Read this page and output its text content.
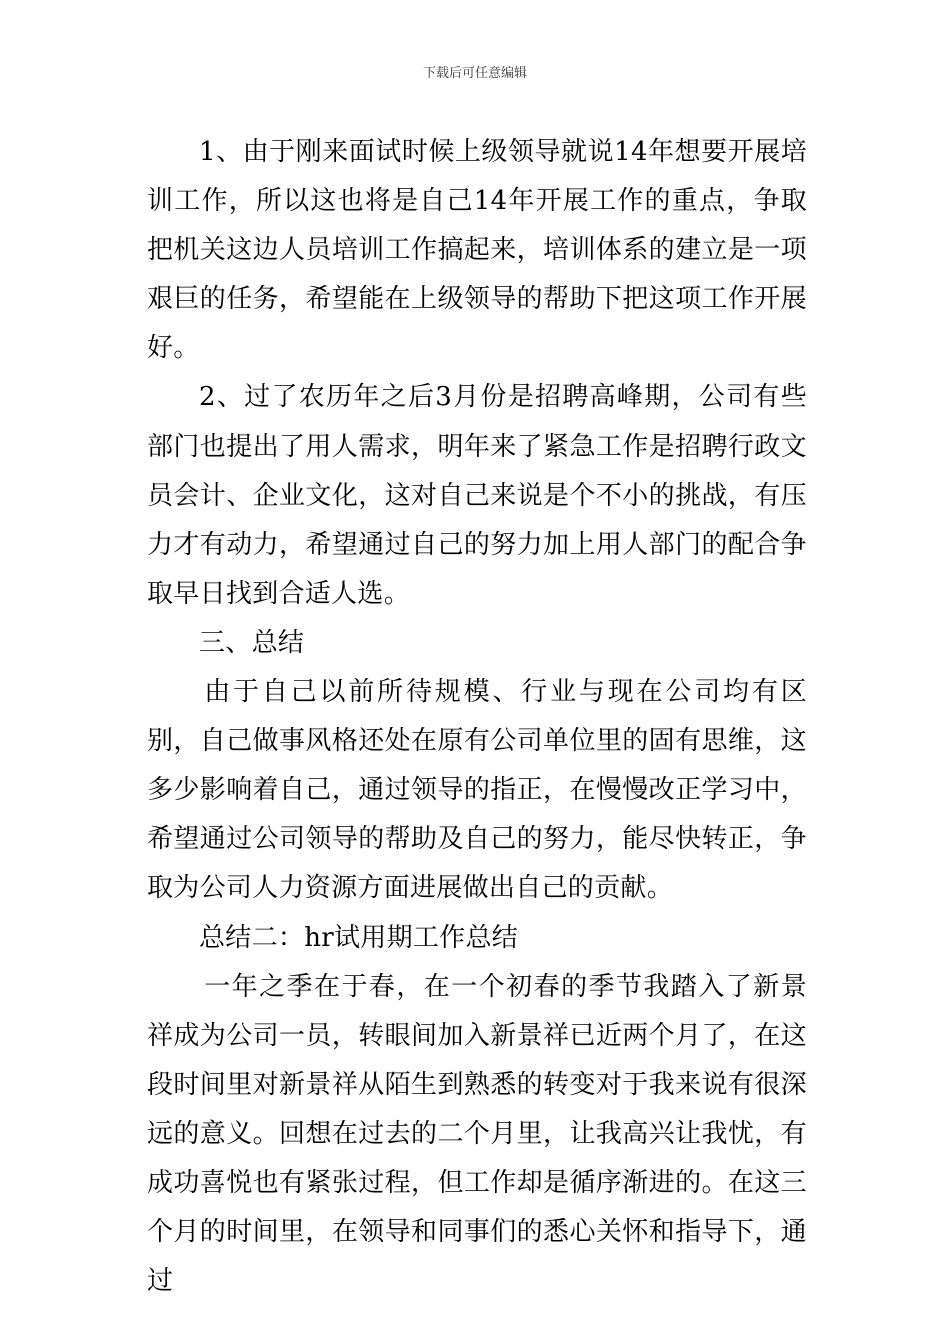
下载后可任意编辑

1、由于刚来面试时候上级领导就说14年想要开展培训工作，所以这也将是自己14年开展工作的重点，争取把机关这边人员培训工作搞起来，培训体系的建立是一项艰巨的任务，希望能在上级领导的帮助下把这项工作开展好。

2、过了农历年之后3月份是招聘高峰期，公司有些部门也提出了用人需求，明年来了紧急工作是招聘行政文员会计、企业文化，这对自己来说是个不小的挑战，有压力才有动力，希望通过自己的努力加上用人部门的配合争取早日找到合适人选。

三、总结

由于自己以前所待规模、行业与现在公司均有区别，自己做事风格还处在原有公司单位里的固有思维，这多少影响着自己，通过领导的指正，在慢慢改正学习中，希望通过公司领导的帮助及自己的努力，能尽快转正，争取为公司人力资源方面进展做出自己的贡献。

总结二：hr试用期工作总结

一年之季在于春，在一个初春的季节我踏入了新景祥成为公司一员，转眼间加入新景祥已近两个月了，在这段时间里对新景祥从陌生到熟悉的转变对于我来说有很深远的意义。回想在过去的二个月里，让我高兴让我忧，有成功喜悦也有紧张过程，但工作却是循序渐进的。在这三个月的时间里，在领导和同事们的悉心关怀和指导下，通过
